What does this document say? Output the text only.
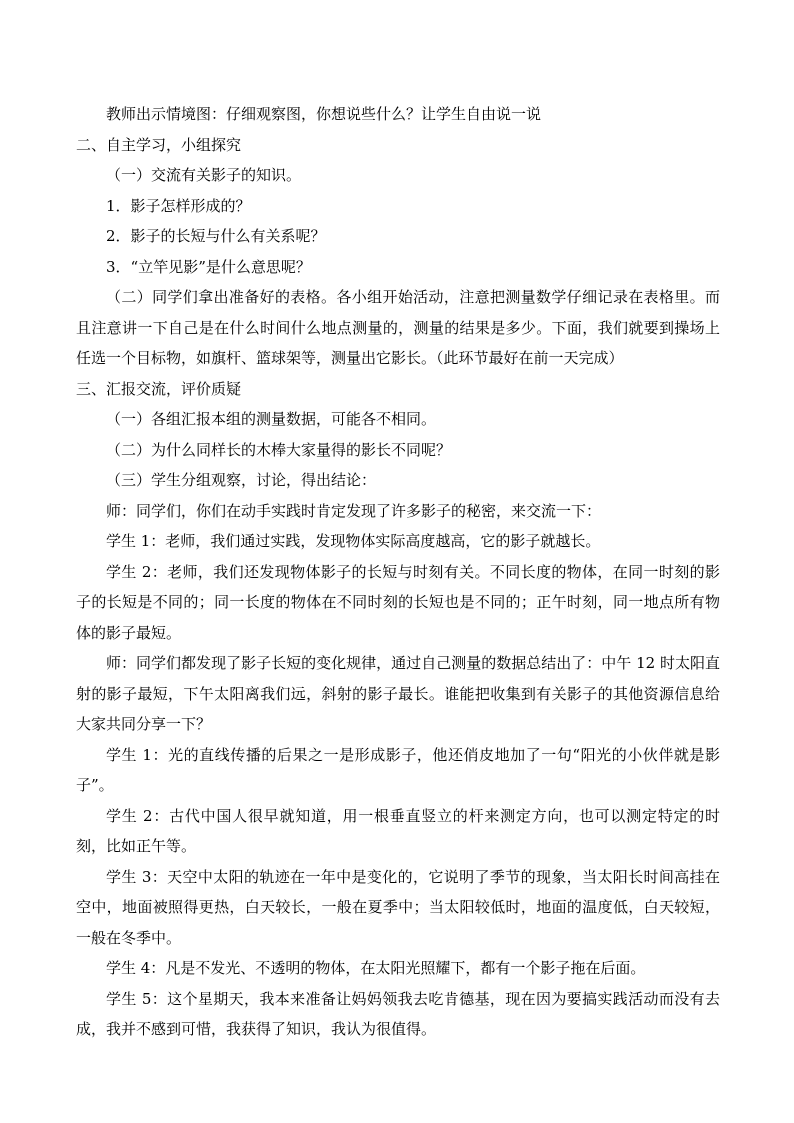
教师出示情境图：仔细观察图，你想说些什么？让学生自由说一说

二、自主学习，小组探究

（一）交流有关影子的知识。

1．影子怎样形成的？

2．影子的长短与什么有关系呢？

3．“立竿见影”是什么意思呢？

（二）同学们拿出准备好的表格。各小组开始活动，注意把测量数学仔细记录在表格里。而且注意讲一下自己是在什么时间什么地点测量的，测量的结果是多少。下面，我们就要到操场上任选一个目标物，如旗杆、篮球架等，测量出它影长。（此环节最好在前一天完成）

三、汇报交流，评价质疑

（一）各组汇报本组的测量数据，可能各不相同。

（二）为什么同样长的木棒大家量得的影长不同呢？

（三）学生分组观察，讨论，得出结论：

师：同学们，你们在动手实践时肯定发现了许多影子的秘密，来交流一下：

学生 1：老师，我们通过实践，发现物体实际高度越高，它的影子就越长。

学生 2：老师，我们还发现物体影子的长短与时刻有关。不同长度的物体，在同一时刻的影子的长短是不同的；同一长度的物体在不同时刻的长短也是不同的；正午时刻，同一地点所有物体的影子最短。

师：同学们都发现了影子长短的变化规律，通过自己测量的数据总结出了：中午 12 时太阳直射的影子最短，下午太阳离我们远，斜射的影子最长。谁能把收集到有关影子的其他资源信息给大家共同分享一下？

学生 1：光的直线传播的后果之一是形成影子，他还俏皮地加了一句“阳光的小伙伴就是影子”。

学生 2：古代中国人很早就知道，用一根垂直竖立的杆来测定方向，也可以测定特定的时刻，比如正午等。

学生 3：天空中太阳的轨迹在一年中是变化的，它说明了季节的现象，当太阳长时间高挂在空中，地面被照得更热，白天较长，一般在夏季中；当太阳较低时，地面的温度低，白天较短，一般在冬季中。

学生 4：凡是不发光、不透明的物体，在太阳光照耀下，都有一个影子拖在后面。

学生 5：这个星期天，我本来准备让妈妈领我去吃肯德基，现在因为要搞实践活动而没有去成，我并不感到可惜，我获得了知识，我认为很值得。
